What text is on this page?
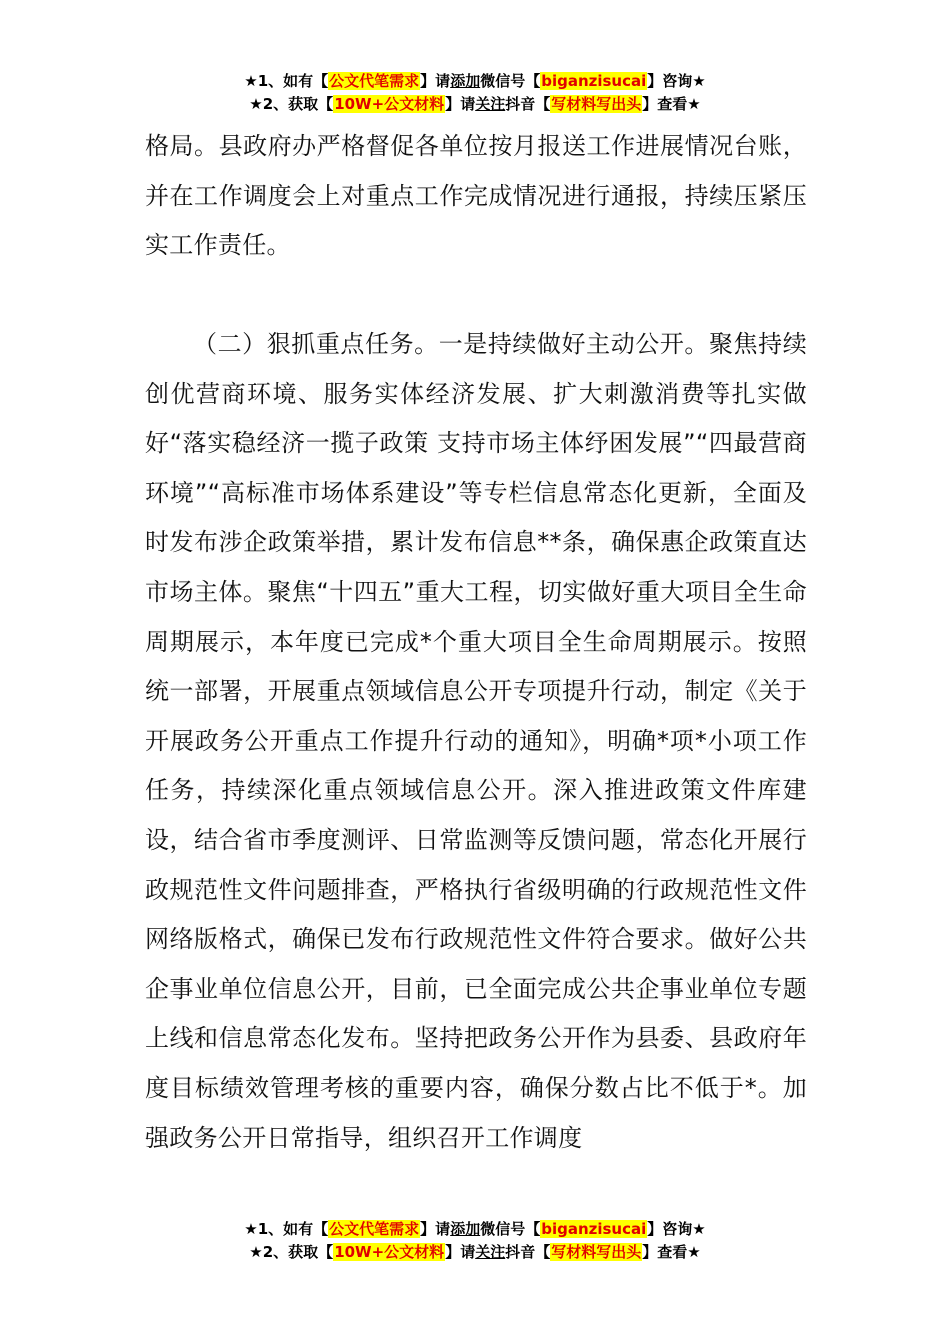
★1、如有【公文代笔需求】请添加微信号【biganzisucai】咨询★
★2、获取【10W+公文材料】请关注抖音【写材料写出头】查看★

格局。县政府办严格督促各单位按月报送工作进展情况台账，并在工作调度会上对重点工作完成情况进行通报，持续压紧压实工作责任。

（二）狠抓重点任务。一是持续做好主动公开。聚焦持续创优营商环境、服务实体经济发展、扩大刺激消费等扎实做好“落实稳经济一揽子政策 支持市场主体纾困发展”“四最营商环境”“高标准市场体系建设”等专栏信息常态化更新，全面及时发布涉企政策举措，累计发布信息**条，确保惠企政策直达市场主体。聚焦“十四五”重大工程，切实做好重大项目全生命周期展示，本年度已完成*个重大项目全生命周期展示。按照统一部署，开展重点领域信息公开专项提升行动，制定《关于开展政务公开重点工作提升行动的通知》，明确*项*小项工作任务，持续深化重点领域信息公开。深入推进政策文件库建设，结合省市季度测评、日常监测等反馈问题，常态化开展行政规范性文件问题排查，严格执行省级明确的行政规范性文件网络版格式，确保已发布行政规范性文件符合要求。做好公共企事业单位信息公开，目前，已全面完成公共企事业单位专题上线和信息常态化发布。坚持把政务公开作为县委、县政府年度目标绩效管理考核的重要内容，确保分数占比不低于*。加强政务公开日常指导，组织召开工作调度

★1、如有【公文代笔需求】请添加微信号【biganzisucai】咨询★
★2、获取【10W+公文材料】请关注抖音【写材料写出头】查看★
